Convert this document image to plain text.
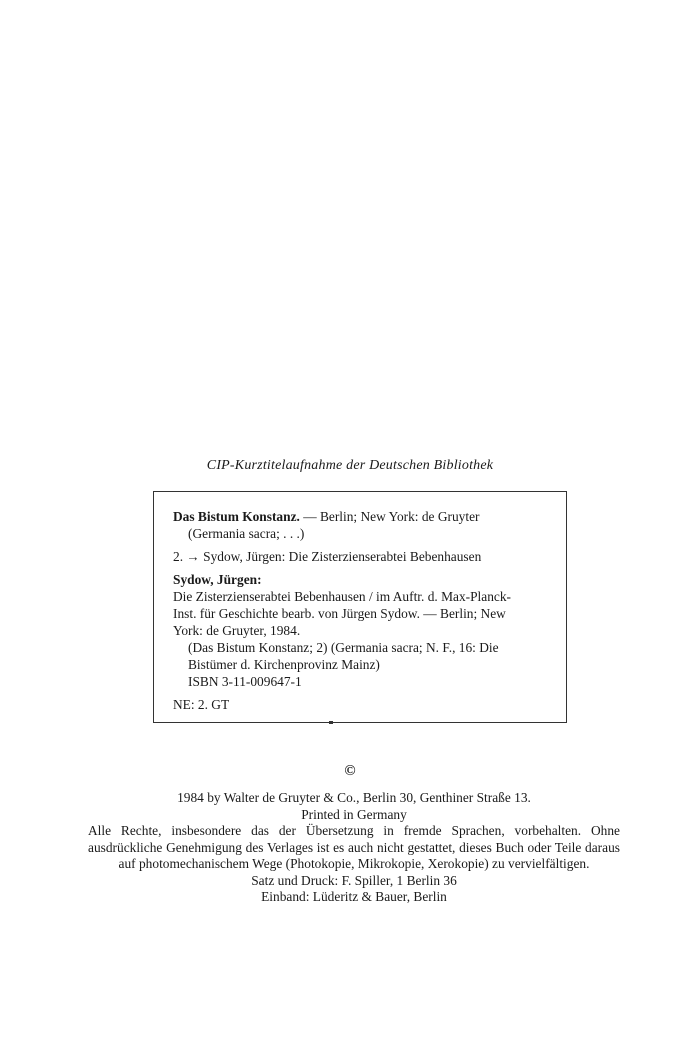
CIP-Kurztitelaufnahme der Deutschen Bibliothek

Das Bistum Konstanz. — Berlin; New York: de Gruyter

(Germania sacra; . . .)

2. → Sydow, Jürgen: Die Zisterzienserabtei Bebenhausen

Sydow, Jürgen:

Die Zisterzienserabtei Bebenhausen / im Auftr. d. Max-Planck-

Inst. für Geschichte bearb. von Jürgen Sydow. — Berlin; New

York: de Gruyter, 1984.

(Das Bistum Konstanz; 2) (Germania sacra; N. F., 16: Die

Bistümer d. Kirchenprovinz Mainz)

ISBN 3-11-009647-1

NE: 2. GT

©

1984 by Walter de Gruyter & Co., Berlin 30, Genthiner Straße 13.

Printed in Germany

Alle Rechte, insbesondere das der Übersetzung in fremde Sprachen, vorbehalten. Ohne ausdrückliche Genehmigung des Verlages ist es auch nicht gestattet, dieses Buch oder Teile daraus auf photomechanischem Wege (Photokopie, Mikrokopie, Xerokopie) zu vervielfältigen.

Satz und Druck: F. Spiller, 1 Berlin 36

Einband: Lüderitz & Bauer, Berlin
